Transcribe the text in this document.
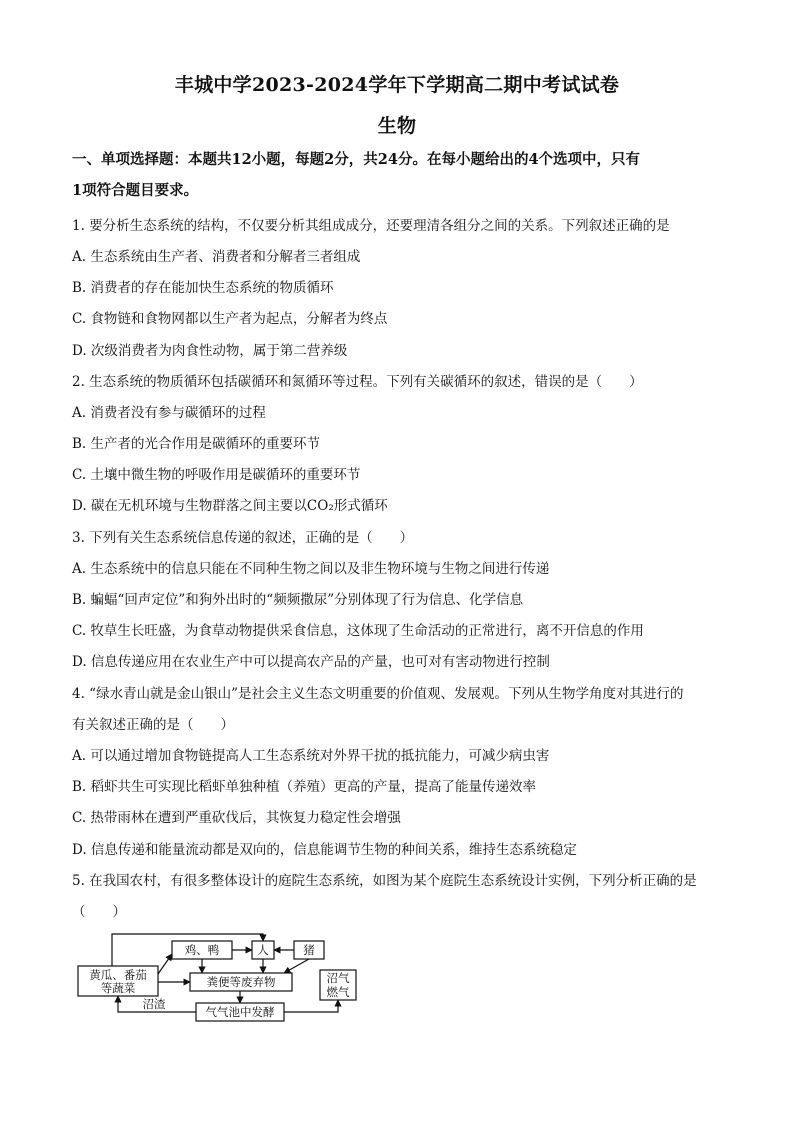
丰城中学2023-2024学年下学期高二期中考试试卷
生物
一、单项选择题：本题共12小题，每题2分，共24分。在每小题给出的4个选项中，只有
1项符合题目要求。
1. 要分析生态系统的结构，不仅要分析其组成成分，还要理清各组分之间的关系。下列叙述正确的是
A. 生态系统由生产者、消费者和分解者三者组成
B. 消费者的存在能加快生态系统的物质循环
C. 食物链和食物网都以生产者为起点，分解者为终点
D. 次级消费者为肉食性动物，属于第二营养级
2. 生态系统的物质循环包括碳循环和氮循环等过程。下列有关碳循环的叙述，错误的是（　　）
A. 消费者没有参与碳循环的过程
B. 生产者的光合作用是碳循环的重要环节
C. 土壤中微生物的呼吸作用是碳循环的重要环节
D. 碳在无机环境与生物群落之间主要以CO₂形式循环
3. 下列有关生态系统信息传递的叙述，正确的是（　　）
A. 生态系统中的信息只能在不同种生物之间以及非生物环境与生物之间进行传递
B. 蝙蝠“回声定位”和狗外出时的“频频撒尿”分别体现了行为信息、化学信息
C. 牧草生长旺盛，为食草动物提供采食信息，这体现了生命活动的正常进行，离不开信息的作用
D. 信息传递应用在农业生产中可以提高农产品的产量，也可对有害动物进行控制
4. “绿水青山就是金山银山”是社会主义生态文明重要的价值观、发展观。下列从生物学角度对其进行的
有关叙述正确的是（　　）
A. 可以通过增加食物链提高人工生态系统对外界干扰的抵抗能力，可减少病虫害
B. 稻虾共生可实现比稻虾单独种植（养殖）更高的产量，提高了能量传递效率
C. 热带雨林在遭到严重砍伐后，其恢复力稳定性会增强
D. 信息传递和能量流动都是双向的，信息能调节生物的种间关系，维持生态系统稳定
5. 在我国农村，有很多整体设计的庭院生态系统，如图为某个庭院生态系统设计实例，下列分析正确的是
（　　）
鸡、鸭	人	猪
黄瓜、番茄
等蔬菜	粪便等废弃物	沼气
燃气
沼渣
气气池中发酵
